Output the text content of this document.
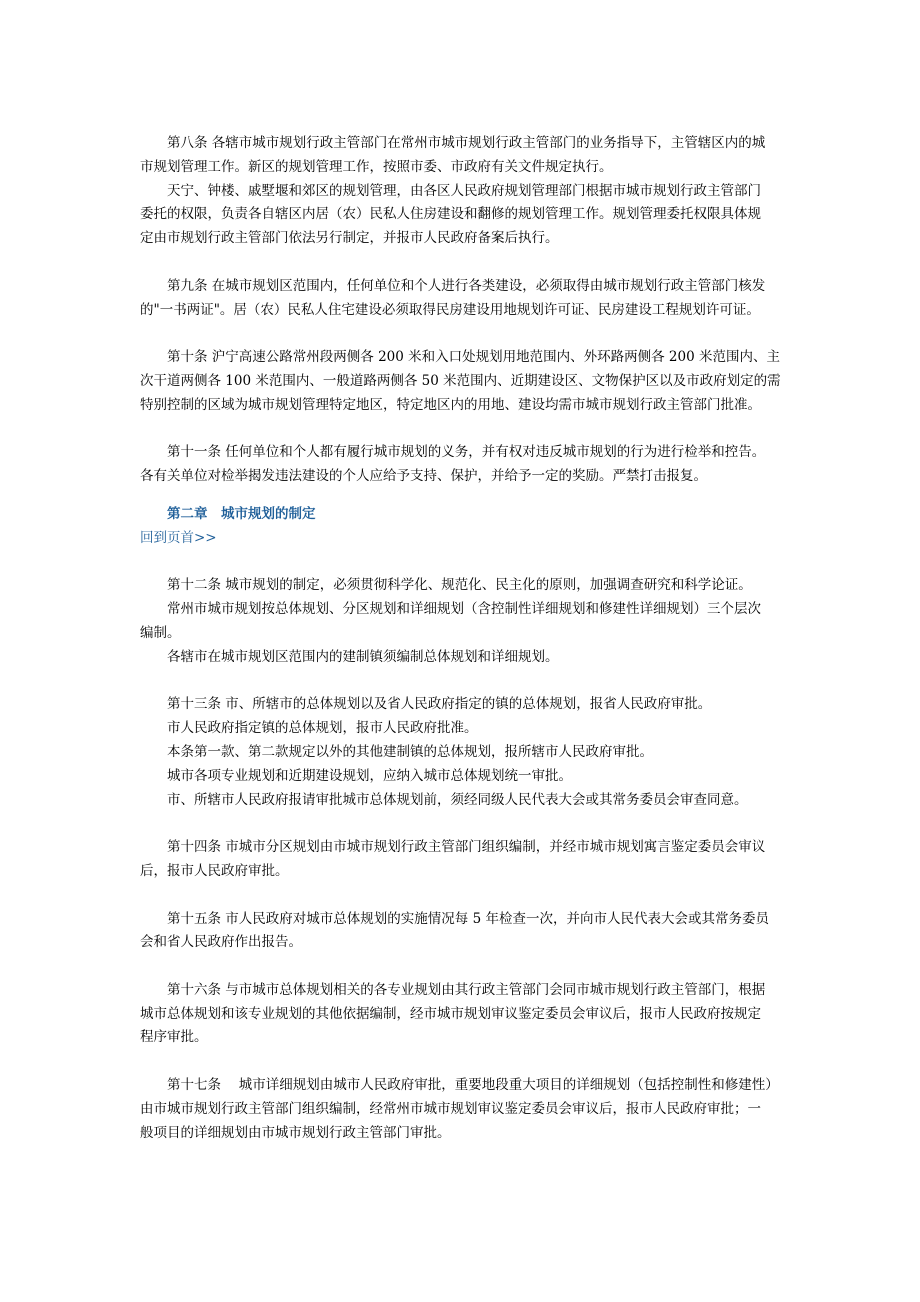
第八条 各辖市城市规划行政主管部门在常州市城市规划行政主管部门的业务指导下，主管辖区内的城
市规划管理工作。新区的规划管理工作，按照市委、市政府有关文件规定执行。
天宁、钟楼、戚墅堰和郊区的规划管理，由各区人民政府规划管理部门根据市城市规划行政主管部门
委托的权限，负责各自辖区内居（农）民私人住房建设和翻修的规划管理工作。规划管理委托权限具体规
定由市规划行政主管部门依法另行制定，并报市人民政府备案后执行。
第九条 在城市规划区范围内，任何单位和个人进行各类建设，必须取得由城市规划行政主管部门核发
的"一书两证"。居（农）民私人住宅建设必须取得民房建设用地规划许可证、民房建设工程规划许可证。
第十条 沪宁高速公路常州段两侧各 200 米和入口处规划用地范围内、外环路两侧各 200 米范围内、主
次干道两侧各 100 米范围内、一般道路两侧各 50 米范围内、近期建设区、文物保护区以及市政府划定的需
特别控制的区域为城市规划管理特定地区，特定地区内的用地、建设均需市城市规划行政主管部门批准。
第十一条 任何单位和个人都有履行城市规划的义务，并有权对违反城市规划的行为进行检举和控告。
各有关单位对检举揭发违法建设的个人应给予支持、保护，并给予一定的奖励。严禁打击报复。
第二章　城市规划的制定
回到页首>>
第十二条 城市规划的制定，必须贯彻科学化、规范化、民主化的原则，加强调查研究和科学论证。
常州市城市规划按总体规划、分区规划和详细规划（含控制性详细规划和修建性详细规划）三个层次
编制。
各辖市在城市规划区范围内的建制镇须编制总体规划和详细规划。
第十三条 市、所辖市的总体规划以及省人民政府指定的镇的总体规划，报省人民政府审批。
市人民政府指定镇的总体规划，报市人民政府批准。
本条第一款、第二款规定以外的其他建制镇的总体规划，报所辖市人民政府审批。
城市各项专业规划和近期建设规划，应纳入城市总体规划统一审批。
市、所辖市人民政府报请审批城市总体规划前，须经同级人民代表大会或其常务委员会审查同意。
第十四条 市城市分区规划由市城市规划行政主管部门组织编制，并经市城市规划寓言鉴定委员会审议
后，报市人民政府审批。
第十五条 市人民政府对城市总体规划的实施情况每 5 年检查一次，并向市人民代表大会或其常务委员
会和省人民政府作出报告。
第十六条 与市城市总体规划相关的各专业规划由其行政主管部门会同市城市规划行政主管部门，根据
城市总体规划和该专业规划的其他依据编制，经市城市规划审议鉴定委员会审议后，报市人民政府按规定
程序审批。
第十七条　 城市详细规划由城市人民政府审批，重要地段重大项目的详细规划（包括控制性和修建性）
由市城市规划行政主管部门组织编制，经常州市城市规划审议鉴定委员会审议后，报市人民政府审批；一
般项目的详细规划由市城市规划行政主管部门审批。
